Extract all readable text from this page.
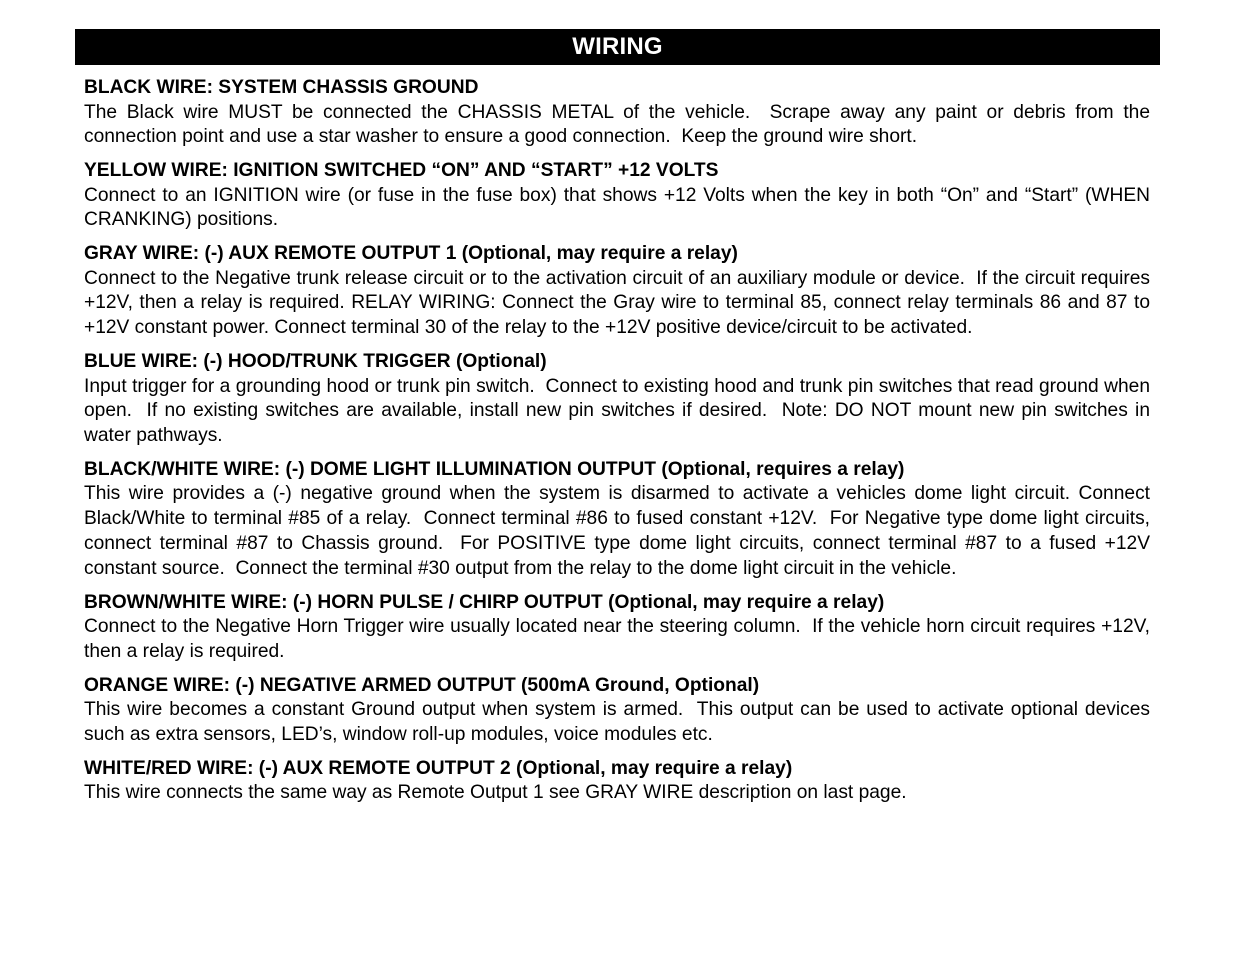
WIRING
BLACK WIRE: SYSTEM CHASSIS GROUND
The Black wire MUST be connected the CHASSIS METAL of the vehicle.  Scrape away any paint or debris from the connection point and use a star washer to ensure a good connection.  Keep the ground wire short.
YELLOW WIRE: IGNITION SWITCHED “ON” AND “START” +12 VOLTS
Connect to an IGNITION wire (or fuse in the fuse box) that shows +12 Volts when the key in both “On” and “Start” (WHEN CRANKING) positions.
GRAY WIRE: (-) AUX REMOTE OUTPUT 1 (Optional, may require a relay)
Connect to the Negative trunk release circuit or to the activation circuit of an auxiliary module or device.  If the circuit requires +12V, then a relay is required. RELAY WIRING: Connect the Gray wire to terminal 85, connect relay terminals 86 and 87 to +12V constant power. Connect terminal 30 of the relay to the +12V positive device/circuit to be activated.
BLUE WIRE: (-) HOOD/TRUNK TRIGGER (Optional)
Input trigger for a grounding hood or trunk pin switch.  Connect to existing hood and trunk pin switches that read ground when open.  If no existing switches are available, install new pin switches if desired.  Note: DO NOT mount new pin switches in water pathways.
BLACK/WHITE WIRE: (-) DOME LIGHT ILLUMINATION OUTPUT (Optional, requires a relay)
This wire provides a (-) negative ground when the system is disarmed to activate a vehicles dome light circuit. Connect Black/White to terminal #85 of a relay.  Connect terminal #86 to fused constant +12V.  For Negative type dome light circuits, connect terminal #87 to Chassis ground.  For POSITIVE type dome light circuits, connect terminal #87 to a fused +12V constant source.  Connect the terminal #30 output from the relay to the dome light circuit in the vehicle.
BROWN/WHITE WIRE: (-) HORN PULSE / CHIRP OUTPUT (Optional, may require a relay)
Connect to the Negative Horn Trigger wire usually located near the steering column.  If the vehicle horn circuit requires +12V, then a relay is required.
ORANGE WIRE: (-) NEGATIVE ARMED OUTPUT (500mA Ground, Optional)
This wire becomes a constant Ground output when system is armed.  This output can be used to activate optional devices such as extra sensors, LED’s, window roll-up modules, voice modules etc.
WHITE/RED WIRE: (-) AUX REMOTE OUTPUT 2 (Optional, may require a relay)
This wire connects the same way as Remote Output 1 see GRAY WIRE description on last page.
